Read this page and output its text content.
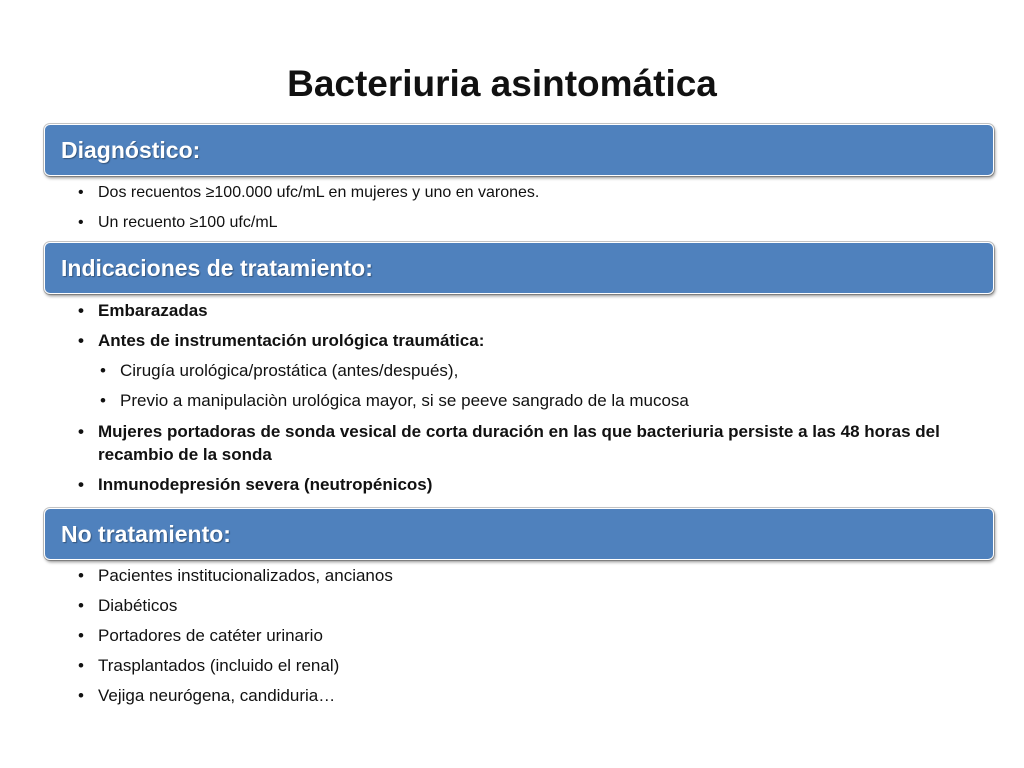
Bacteriuria asintomática
Diagnóstico:
• Dos recuentos ≥100.000 ufc/mL en mujeres y uno en varones.
• Un recuento ≥100 ufc/mL
Indicaciones de tratamiento:
• Embarazadas
• Antes de instrumentación urológica traumática:
• Cirugía urológica/prostática (antes/después),
• Previo a manipulaciòn urológica mayor, si se peeve sangrado de la mucosa
• Mujeres portadoras de sonda vesical de corta duración en las que bacteriuria persiste a las 48 horas del recambio de la sonda
• Inmunodepresión severa (neutropénicos)
No tratamiento:
• Pacientes institucionalizados, ancianos
• Diabéticos
• Portadores de catéter urinario
• Trasplantados (incluido el renal)
• Vejiga neurógena, candiduria…
